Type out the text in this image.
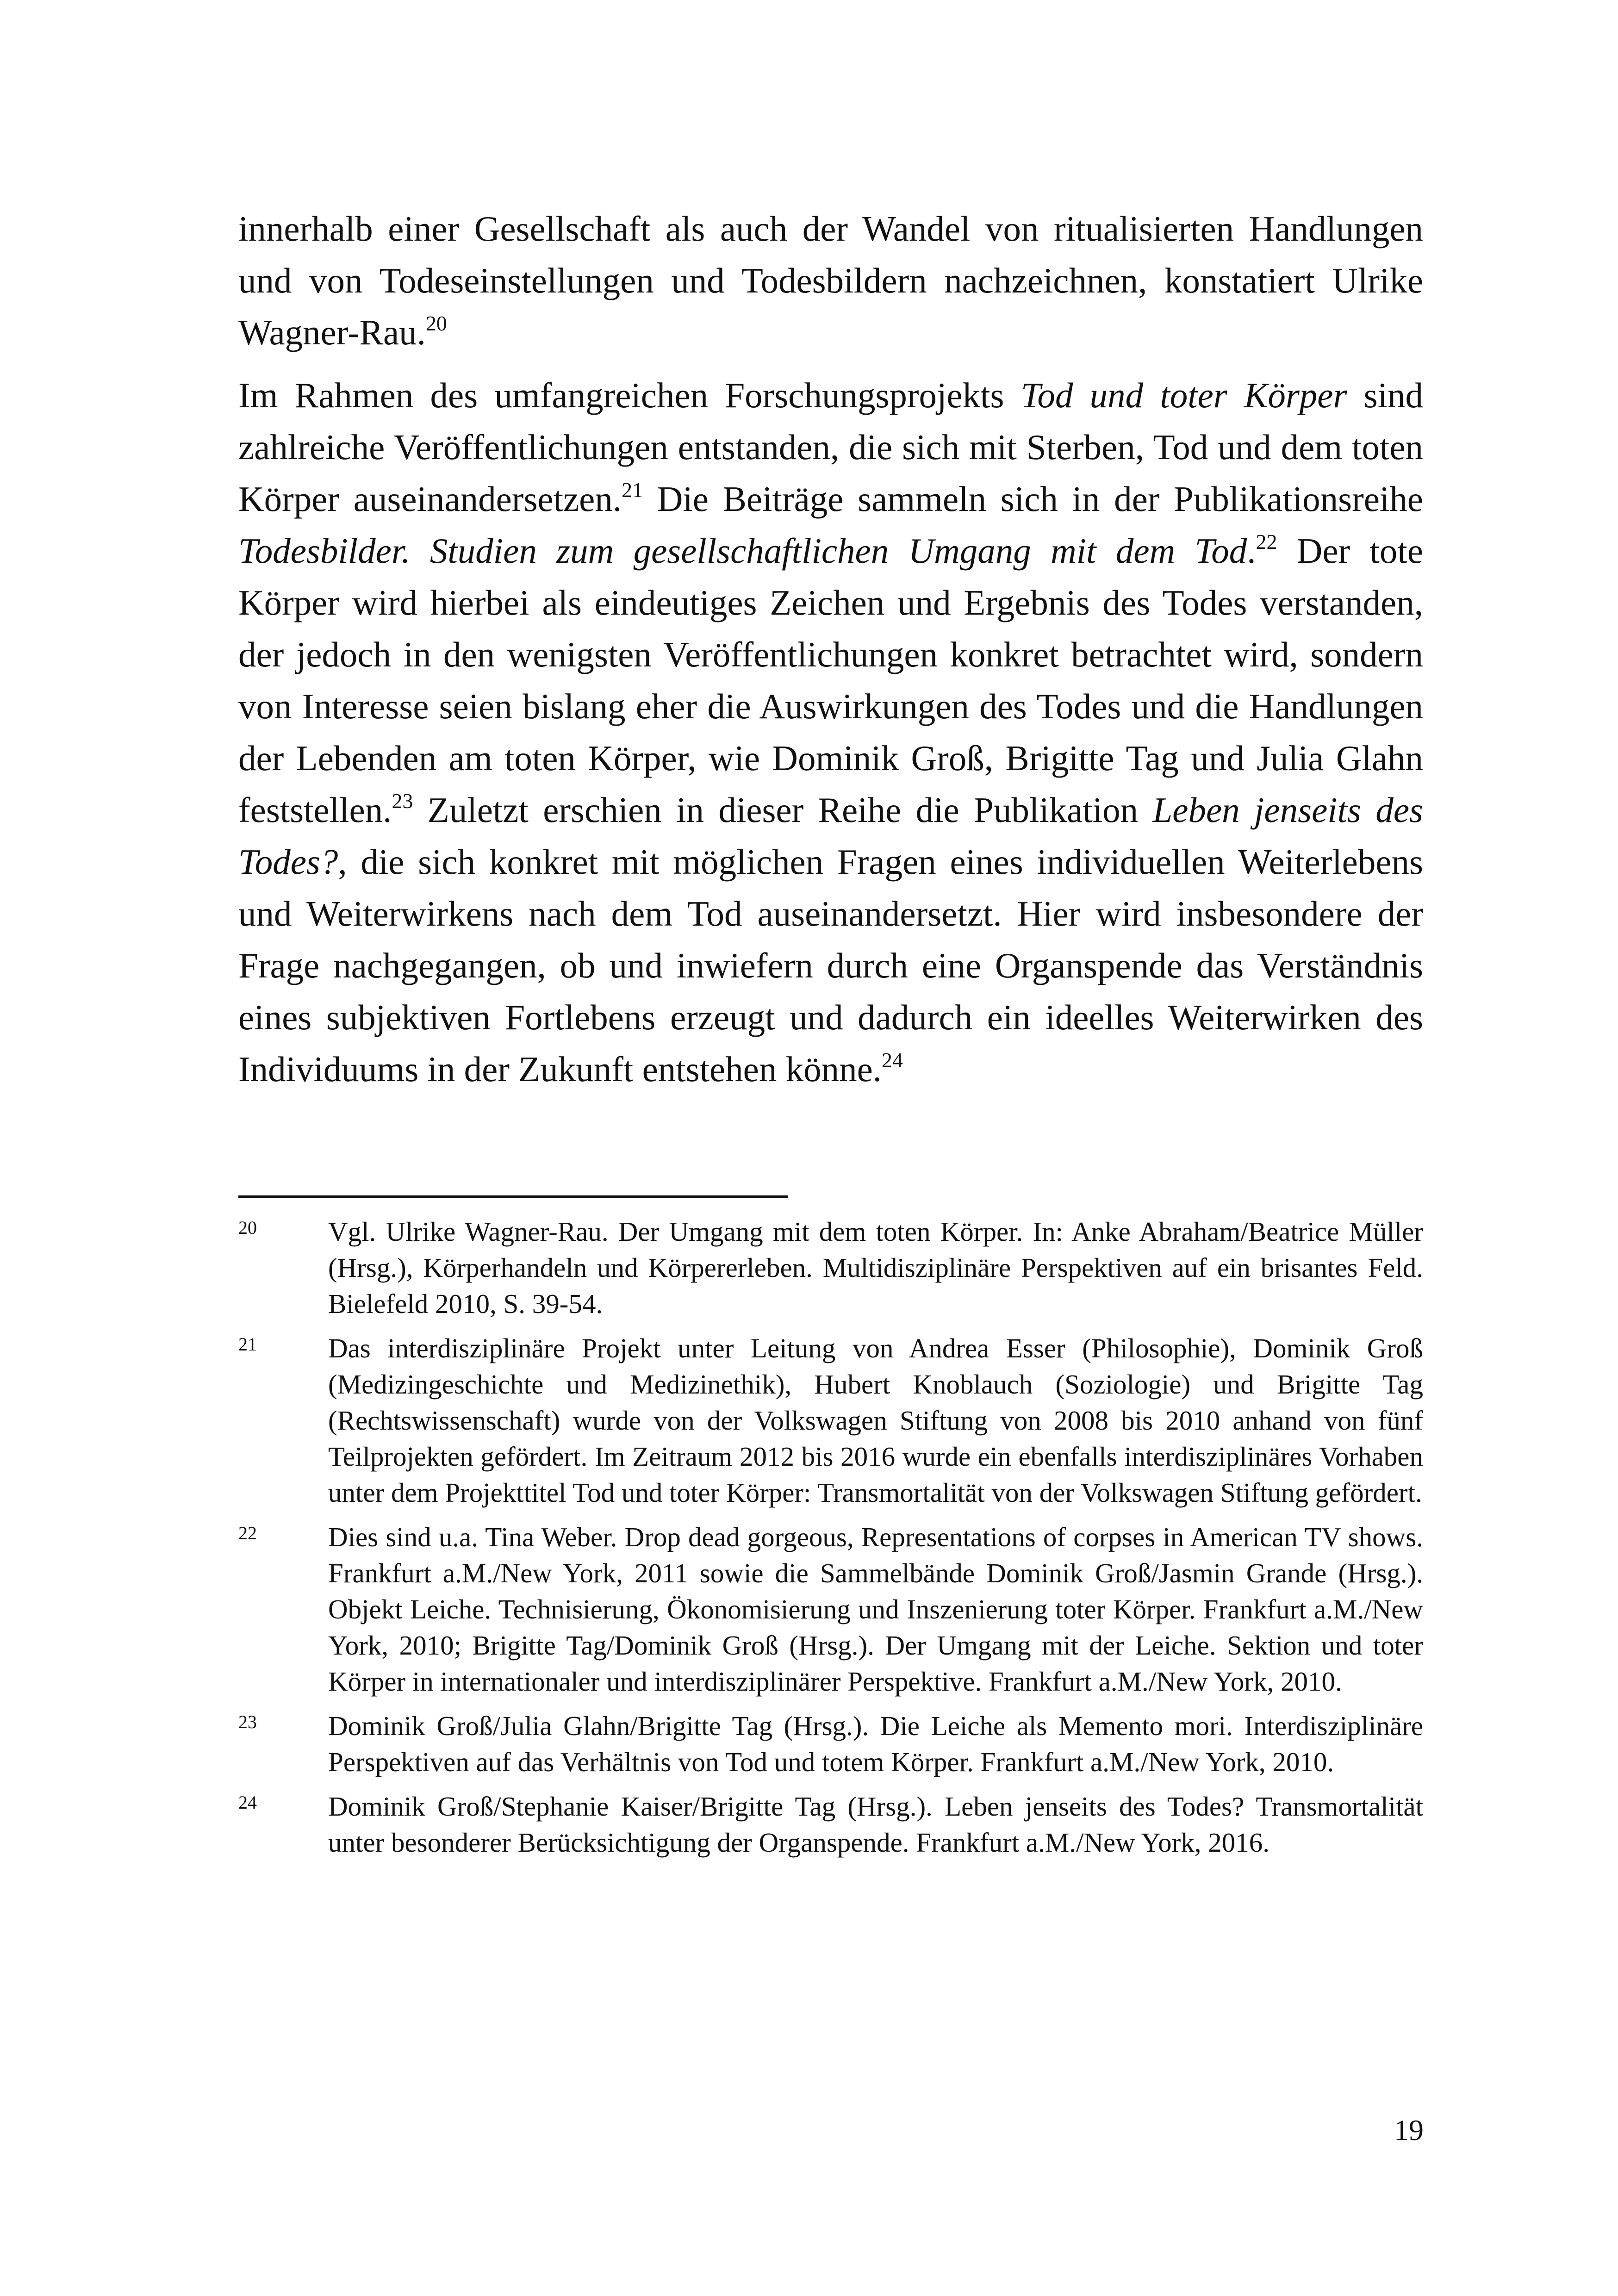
innerhalb einer Gesellschaft als auch der Wandel von ritualisierten Handlungen und von Todeseinstellungen und Todesbildern nachzeichnen, konstatiert Ulrike Wagner-Rau.$^{20}$

Im Rahmen des umfangreichen Forschungsprojekts Tod und toter Körper sind zahlreiche Veröffentlichungen entstanden, die sich mit Sterben, Tod und dem toten Körper auseinandersetzen.$^{21}$ Die Beiträge sammeln sich in der Publikationsreihe Todesbilder. Studien zum gesellschaftlichen Umgang mit dem Tod.$^{22}$ Der tote Körper wird hierbei als eindeutiges Zeichen und Ergebnis des Todes verstanden, der jedoch in den wenigsten Veröffentlichungen konkret betrachtet wird, sondern von Interesse seien bislang eher die Auswirkungen des Todes und die Handlungen der Lebenden am toten Körper, wie Dominik Groß, Brigitte Tag und Julia Glahn feststellen.$^{23}$ Zuletzt erschien in dieser Reihe die Publikation Leben jenseits des Todes?, die sich konkret mit möglichen Fragen eines individuellen Weiterlebens und Weiterwirkens nach dem Tod auseinandersetzt. Hier wird insbesondere der Frage nachgegangen, ob und inwiefern durch eine Organspende das Verständnis eines subjektiven Fortlebens erzeugt und dadurch ein ideelles Weiterwirken des Individuums in der Zukunft entstehen könne.$^{24}$

20	Vgl. Ulrike Wagner-Rau. Der Umgang mit dem toten Körper. In: Anke Abraham/Beatrice Müller (Hrsg.), Körperhandeln und Körpererleben. Multidisziplinäre Perspektiven auf ein brisantes Feld. Bielefeld 2010, S. 39-54.
21	Das interdisziplinäre Projekt unter Leitung von Andrea Esser (Philosophie), Dominik Groß (Medizingeschichte und Medizinethik), Hubert Knoblauch (Soziologie) und Brigitte Tag (Rechtswissenschaft) wurde von der Volkswagen Stiftung von 2008 bis 2010 anhand von fünf Teilprojekten gefördert. Im Zeitraum 2012 bis 2016 wurde ein ebenfalls interdisziplinäres Vorhaben unter dem Projekttitel Tod und toter Körper: Transmortalität von der Volkswagen Stiftung gefördert.
22	Dies sind u.a. Tina Weber. Drop dead gorgeous, Representations of corpses in American TV shows. Frankfurt a.M./New York, 2011 sowie die Sammelbände Dominik Groß/Jasmin Grande (Hrsg.). Objekt Leiche. Technisierung, Ökonomisierung und Inszenierung toter Körper. Frankfurt a.M./New York, 2010; Brigitte Tag/Dominik Groß (Hrsg.). Der Umgang mit der Leiche. Sektion und toter Körper in internationaler und interdisziplinärer Perspektive. Frankfurt a.M./New York, 2010.
23	Dominik Groß/Julia Glahn/Brigitte Tag (Hrsg.). Die Leiche als Memento mori. Interdisziplinäre Perspektiven auf das Verhältnis von Tod und totem Körper. Frankfurt a.M./New York, 2010.
24	Dominik Groß/Stephanie Kaiser/Brigitte Tag (Hrsg.). Leben jenseits des Todes? Transmortalität unter besonderer Berücksichtigung der Organspende. Frankfurt a.M./New York, 2016.
19
